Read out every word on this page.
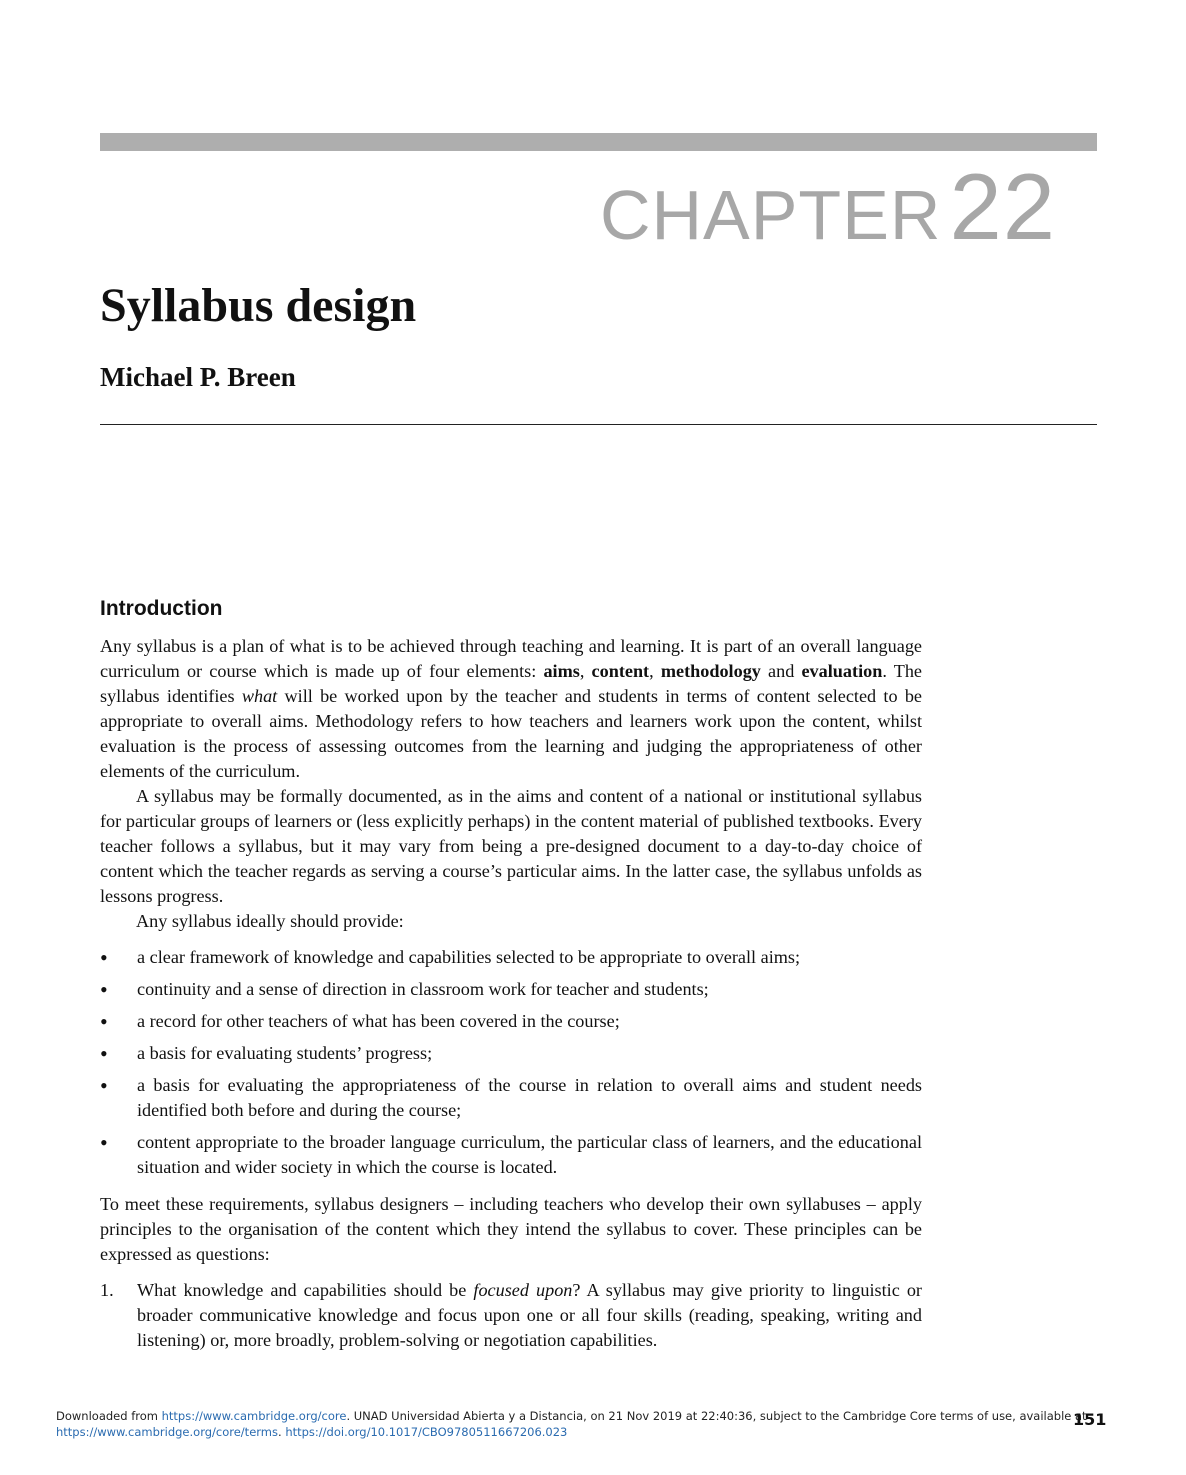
CHAPTER22
Syllabus design
Michael P. Breen
Introduction

Any syllabus is a plan of what is to be achieved through teaching and learning. It is part of an overall language curriculum or course which is made up of four elements: aims, content, methodology and evaluation. The syllabus identifies what will be worked upon by the teacher and students in terms of content selected to be appropriate to overall aims. Methodology refers to how teachers and learners work upon the content, whilst evaluation is the process of assessing outcomes from the learning and judging the appropriateness of other elements of the curriculum.

A syllabus may be formally documented, as in the aims and content of a national or institutional syllabus for particular groups of learners or (less explicitly perhaps) in the content material of published textbooks. Every teacher follows a syllabus, but it may vary from being a pre-designed document to a day-to-day choice of content which the teacher regards as serving a course’s particular aims. In the latter case, the syllabus unfolds as lessons progress.

Any syllabus ideally should provide:

• a clear framework of knowledge and capabilities selected to be appropriate to overall aims;
• continuity and a sense of direction in classroom work for teacher and students;
• a record for other teachers of what has been covered in the course;
• a basis for evaluating students’ progress;
• a basis for evaluating the appropriateness of the course in relation to overall aims and student needs identified both before and during the course;
• content appropriate to the broader language curriculum, the particular class of learners, and the educational situation and wider society in which the course is located.

To meet these requirements, syllabus designers – including teachers who develop their own syllabuses – apply principles to the organisation of the content which they intend the syllabus to cover. These principles can be expressed as questions:

1. What knowledge and capabilities should be focused upon? A syllabus may give priority to linguistic or broader communicative knowledge and focus upon one or all four skills (reading, speaking, writing and listening) or, more broadly, problem-solving or negotiation capabilities.
Downloaded from https://www.cambridge.org/core. UNAD Universidad Abierta y a Distancia, on 21 Nov 2019 at 22:40:36, subject to the Cambridge Core terms of use, available at
https://www.cambridge.org/core/terms. https://doi.org/10.1017/CBO9780511667206.023
151
